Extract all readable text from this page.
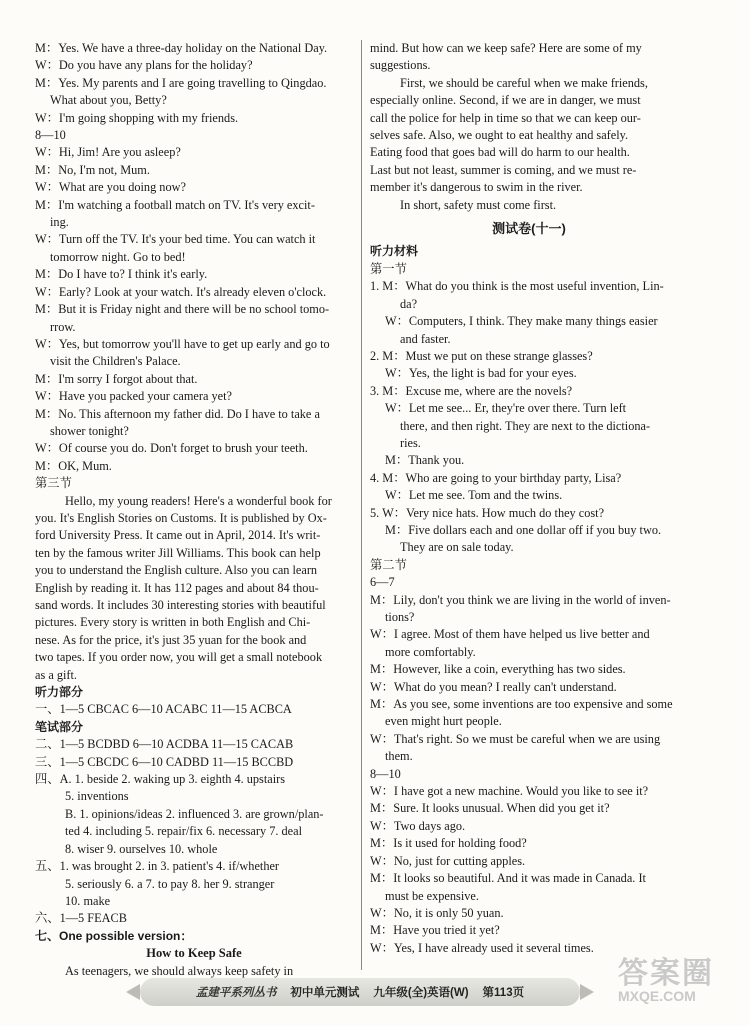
M：Yes. We have a three-day holiday on the National Day.
W：Do you have any plans for the holiday?
M：Yes. My parents and I are going travelling to Qingdao.
What about you, Betty?
W：I'm going shopping with my friends.
8—10
W：Hi, Jim! Are you asleep?
M：No, I'm not, Mum.
W：What are you doing now?
M：I'm watching a football match on TV. It's very excit-
ing.
W：Turn off the TV. It's your bed time. You can watch it
tomorrow night. Go to bed!
M：Do I have to? I think it's early.
W：Early? Look at your watch. It's already eleven o'clock.
M：But it is Friday night and there will be no school tomo-
rrow.
W：Yes, but tomorrow you'll have to get up early and go to
visit the Children's Palace.
M：I'm sorry I forgot about that.
W：Have you packed your camera yet?
M：No. This afternoon my father did. Do I have to take a
shower tonight?
W：Of course you do. Don't forget to brush your teeth.
M：OK, Mum.
第三节
Hello, my young readers! Here's a wonderful book for
you. It's English Stories on Customs. It is published by Ox-
ford University Press. It came out in April, 2014. It's writ-
ten by the famous writer Jill Williams. This book can help
you to understand the English culture. Also you can learn
English by reading it. It has 112 pages and about 84 thou-
sand words. It includes 30 interesting stories with beautiful
pictures. Every story is written in both English and Chi-
nese. As for the price, it's just 35 yuan for the book and
two tapes. If you order now, you will get a small notebook
as a gift.
听力部分
一、1—5 CBCAC 6—10 ACABC 11—15 ACBCA
笔试部分
二、1—5 BCDBD 6—10 ACDBA 11—15 CACAB
三、1—5 CBCDC 6—10 CADBD 11—15 BCCBD
四、A. 1. beside 2. waking up 3. eighth 4. upstairs
5. inventions
B. 1. opinions/ideas 2. influenced 3. are grown/plan-
ted 4. including 5. repair/fix 6. necessary 7. deal
8. wiser 9. ourselves 10. whole
五、1. was brought 2. in 3. patient's 4. if/whether
5. seriously 6. a 7. to pay 8. her 9. stranger
10. make
六、1—5 FEACB
七、One possible version：
How to Keep Safe
As teenagers, we should always keep safety in
mind. But how can we keep safe? Here are some of my
suggestions.
First, we should be careful when we make friends,
especially online. Second, if we are in danger, we must
call the police for help in time so that we can keep our-
selves safe. Also, we ought to eat healthy and safely.
Eating food that goes bad will do harm to our health.
Last but not least, summer is coming, and we must re-
member it's dangerous to swim in the river.
In short, safety must come first.
测试卷(十一)
听力材料
第一节
1. M：What do you think is the most useful invention, Lin-
da?
W：Computers, I think. They make many things easier
and faster.
2. M：Must we put on these strange glasses?
W：Yes, the light is bad for your eyes.
3. M：Excuse me, where are the novels?
W：Let me see... Er, they're over there. Turn left
there, and then right. They are next to the dictiona-
ries.
M：Thank you.
4. M：Who are going to your birthday party, Lisa?
W：Let me see. Tom and the twins.
5. W：Very nice hats. How much do they cost?
M：Five dollars each and one dollar off if you buy two.
They are on sale today.
第二节
6—7
M：Lily, don't you think we are living in the world of inven-
tions?
W：I agree. Most of them have helped us live better and
more comfortably.
M：However, like a coin, everything has two sides.
W：What do you mean? I really can't understand.
M：As you see, some inventions are too expensive and some
even might hurt people.
W：That's right. So we must be careful when we are using
them.
8—10
W：I have got a new machine. Would you like to see it?
M：Sure. It looks unusual. When did you get it?
W：Two days ago.
M：Is it used for holding food?
W：No, just for cutting apples.
M：It looks so beautiful. And it was made in Canada. It
must be expensive.
W：No, it is only 50 yuan.
M：Have you tried it yet?
W：Yes, I have already used it several times.
孟建平系列丛书 初中单元测试 九年级(全)英语(W) 第113页
答案圈
MXQE.COM
